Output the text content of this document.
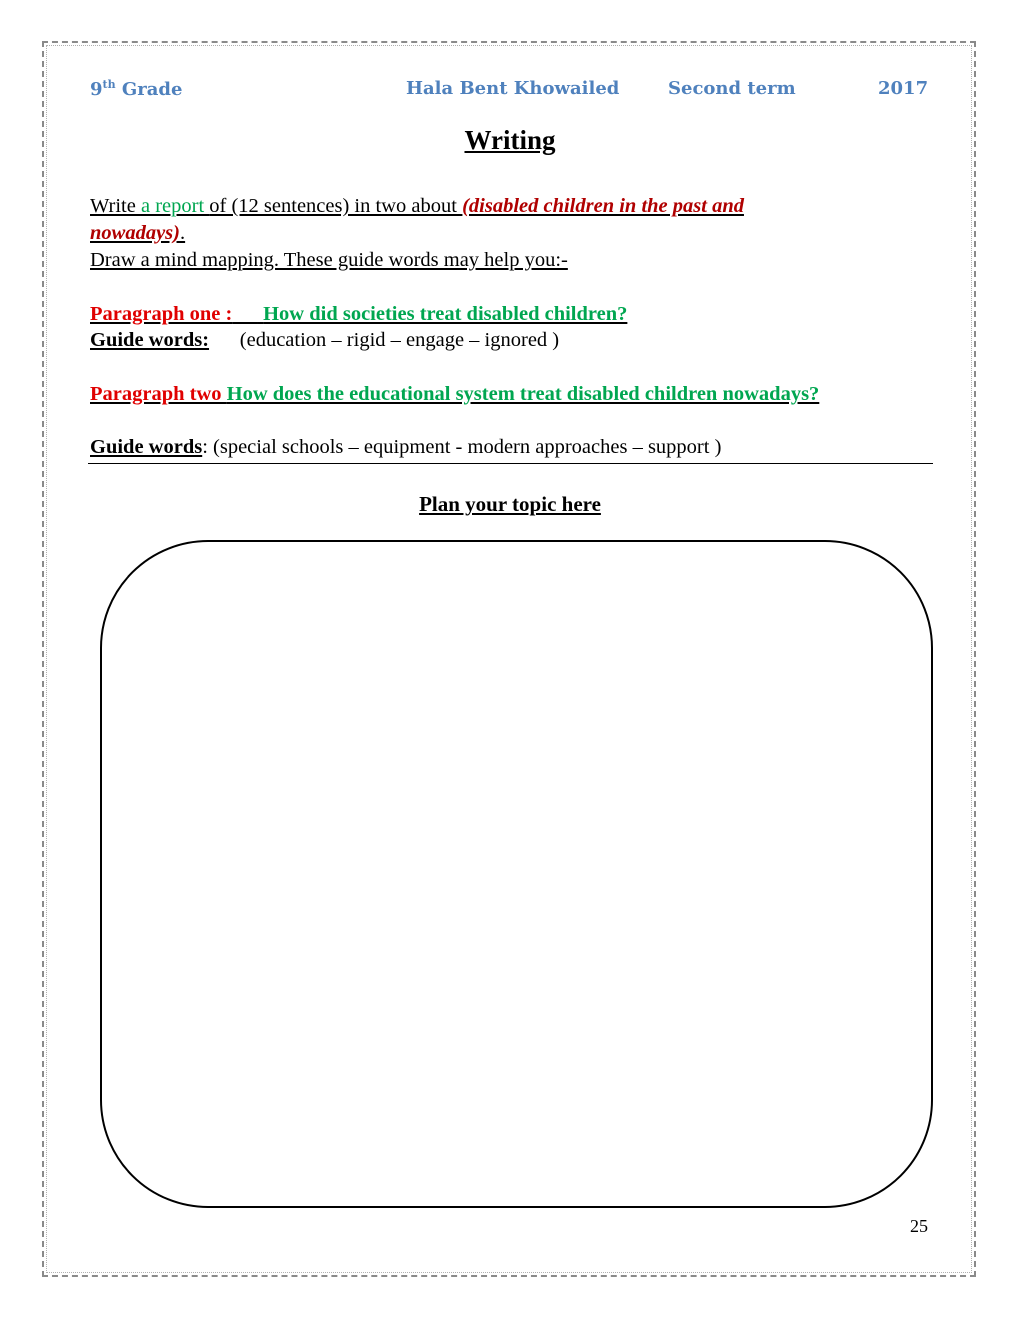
9th Grade	Hala Bent Khowailed	Second term	2017
Writing
Write a report of (12 sentences) in two about (disabled children in the past and
nowadays).
Draw a mind mapping. These guide words may help you:-
Paragraph one : How did societies treat disabled children?
Guide words: (education – rigid – engage – ignored )
Paragraph two How does the educational system treat disabled children nowadays?
Guide words: (special schools – equipment - modern approaches – support )
Plan your topic here
25
